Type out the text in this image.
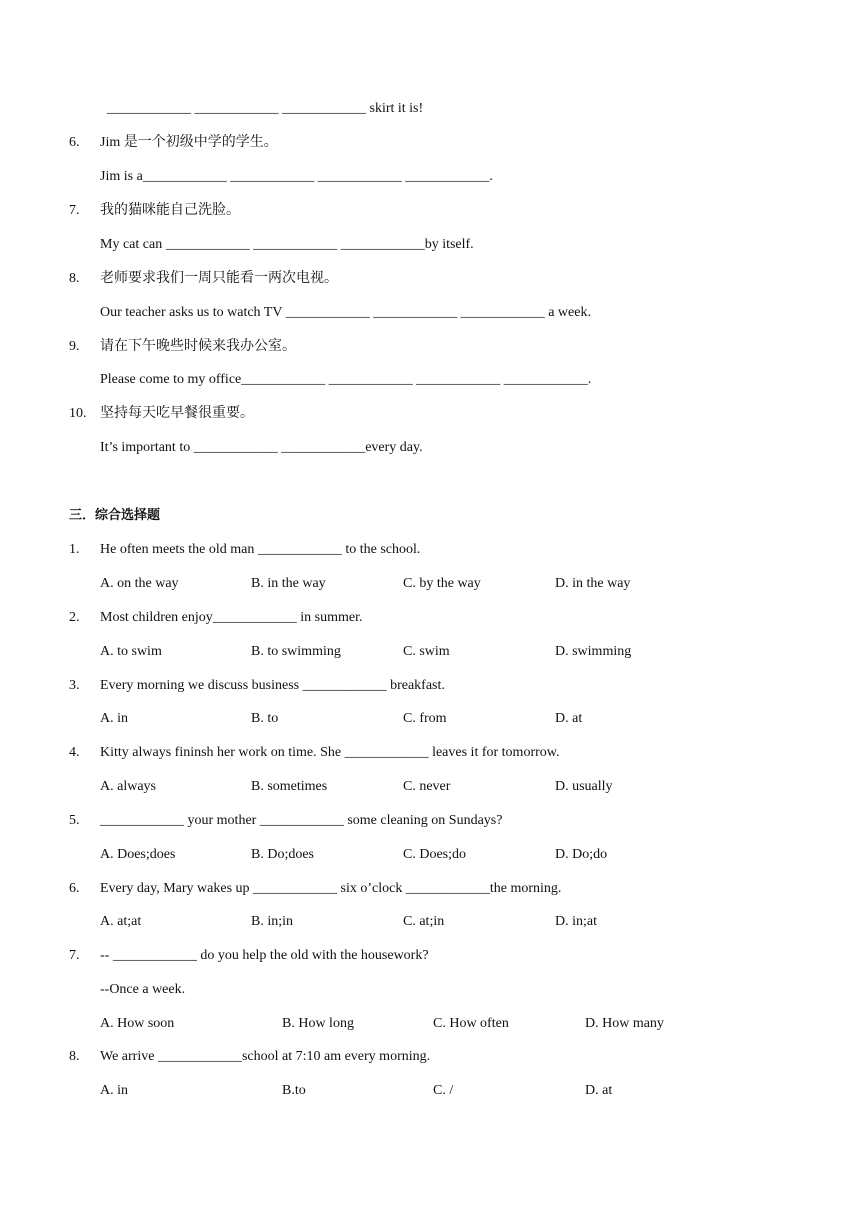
____________ ____________ ____________ skirt it is!
6. Jim 是一个初级中学的学生。
Jim is a____________ ____________ ____________ ____________.
7. 我的猫咪能自己洗脸。
My cat can ____________ ____________ ____________by itself.
8. 老师要求我们一周只能看一两次电视。
Our teacher asks us to watch TV ____________ ____________ ____________ a week.
9. 请在下午晚些时候来我办公室。
Please come to my office____________ ____________ ____________ ____________.
10. 坚持每天吃早餐很重要。
It’s important to ____________ ____________every day.
三．综合选择题
1. He often meets the old man ____________ to the school.
A. on the way	B. in the way	C. by the way	D. in the way
2. Most children enjoy____________ in summer.
A. to swim	B. to swimming	C. swim	D. swimming
3. Every morning we discuss business ____________ breakfast.
A. in	B. to	C. from	D. at
4. Kitty always fininsh her work on time. She ____________ leaves it for tomorrow.
A. always	B. sometimes	C. never	D. usually
5. ____________ your mother ____________ some cleaning on Sundays?
A. Does;does	B. Do;does	C. Does;do	D. Do;do
6. Every day, Mary wakes up ____________ six o’clock ____________the morning.
A. at;at	B. in;in	C. at;in	D. in;at
7. -- ____________ do you help the old with the housework?
--Once a week.
A. How soon	B. How long	C. How often	D. How many
8. We arrive ____________school at 7:10 am every morning.
A. in	B.to	C. /	D. at
